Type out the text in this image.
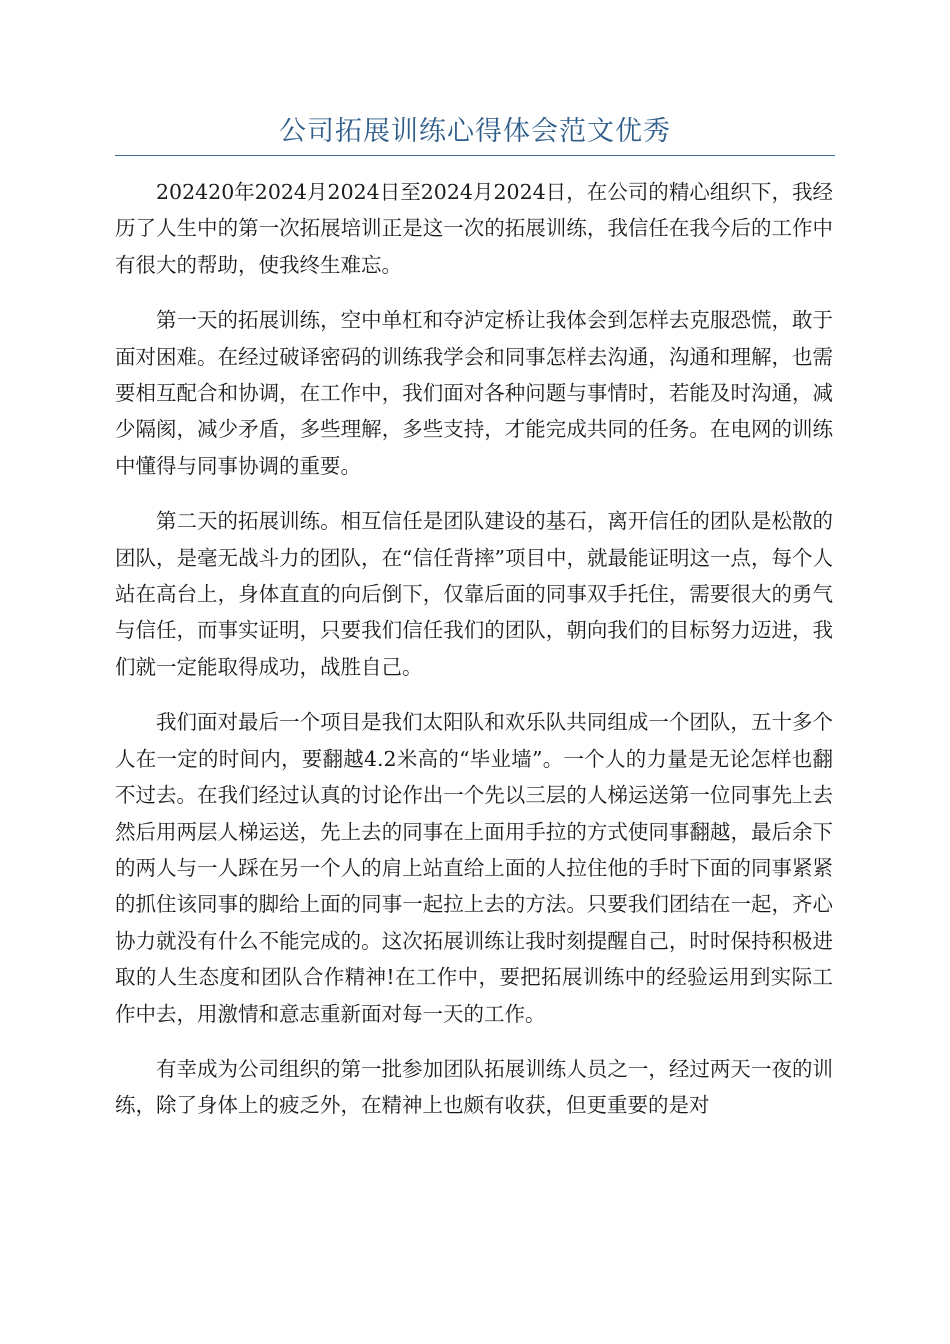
公司拓展训练心得体会范文优秀

202420年2024月2024日至2024月2024日，在公司的精心组织下，我经历了人生中的第一次拓展培训正是这一次的拓展训练，我信任在我今后的工作中有很大的帮助，使我终生难忘。

第一天的拓展训练，空中单杠和夺泸定桥让我体会到怎样去克服恐慌，敢于面对困难。在经过破译密码的训练我学会和同事怎样去沟通，沟通和理解，也需要相互配合和协调，在工作中，我们面对各种问题与事情时，若能及时沟通，减少隔阂，减少矛盾，多些理解，多些支持，才能完成共同的任务。在电网的训练中懂得与同事协调的重要。

第二天的拓展训练。相互信任是团队建设的基石，离开信任的团队是松散的团队，是毫无战斗力的团队，在“信任背摔”项目中，就最能证明这一点，每个人站在高台上，身体直直的向后倒下，仅靠后面的同事双手托住，需要很大的勇气与信任，而事实证明，只要我们信任我们的团队，朝向我们的目标努力迈进，我们就一定能取得成功，战胜自己。

我们面对最后一个项目是我们太阳队和欢乐队共同组成一个团队，五十多个人在一定的时间内，要翻越4.2米高的“毕业墙”。一个人的力量是无论怎样也翻不过去。在我们经过认真的讨论作出一个先以三层的人梯运送第一位同事先上去然后用两层人梯运送，先上去的同事在上面用手拉的方式使同事翻越，最后余下的两人与一人踩在另一个人的肩上站直给上面的人拉住他的手时下面的同事紧紧的抓住该同事的脚给上面的同事一起拉上去的方法。只要我们团结在一起，齐心协力就没有什么不能完成的。这次拓展训练让我时刻提醒自己，时时保持积极进取的人生态度和团队合作精神!在工作中，要把拓展训练中的经验运用到实际工作中去，用激情和意志重新面对每一天的工作。

有幸成为公司组织的第一批参加团队拓展训练人员之一，经过两天一夜的训练，除了身体上的疲乏外，在精神上也颇有收获，但更重要的是对
